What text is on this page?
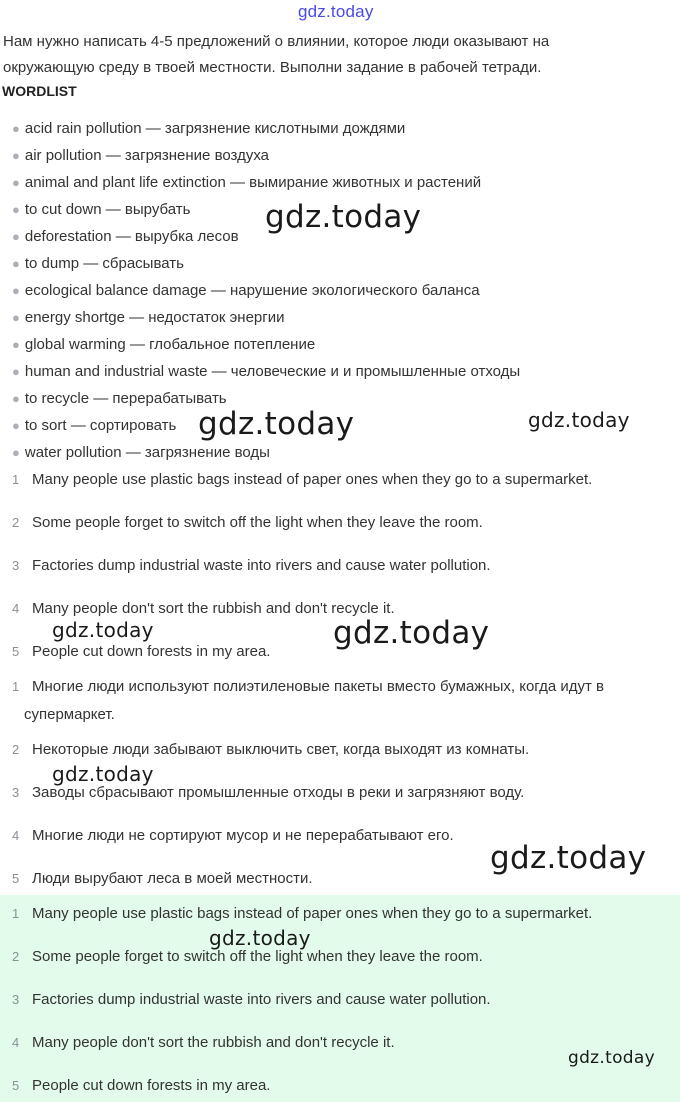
gdz.today
Нам нужно написать 4-5 предложений о влиянии, которое люди оказывают на
окружающую среду в твоей местности. Выполни задание в рабочей тетради.
WORDLIST
● acid rain pollution — загрязнение кислотными дождями
● air pollution — загрязнение воздуха
● animal and plant life extinction — вымирание животных и растений
● to cut down — вырубать
● deforestation — вырубка лесов
● to dump — сбрасывать
● ecological balance damage — нарушение экологического баланса
● energy shortge — недостаток энергии
● global warming — глобальное потепление
● human and industrial waste — человеческие и и промышленные отходы
● to recycle — перерабатывать
● to sort — сортировать
● water pollution — загрязнение воды
1 Many people use plastic bags instead of paper ones when they go to a supermarket.
2 Some people forget to switch off the light when they leave the room.
3 Factories dump industrial waste into rivers and cause water pollution.
4 Many people don't sort the rubbish and don't recycle it.
5 People cut down forests in my area.
1 Многие люди используют полиэтиленовые пакеты вместо бумажных, когда идут в
супермаркет.
2 Некоторые люди забывают выключить свет, когда выходят из комнаты.
3 Заводы сбрасывают промышленные отходы в реки и загрязняют воду.
4 Многие люди не сортируют мусор и не перерабатывают его.
5 Люди вырубают леса в моей местности.
1 Many people use plastic bags instead of paper ones when they go to a supermarket.
2 Some people forget to switch off the light when they leave the room.
3 Factories dump industrial waste into rivers and cause water pollution.
4 Many people don't sort the rubbish and don't recycle it.
5 People cut down forests in my area.
gdz.today
gdz.today	gdz.today
gdz.today	gdz.today
gdz.today
gdz.today
gdz.today
gdz.today
